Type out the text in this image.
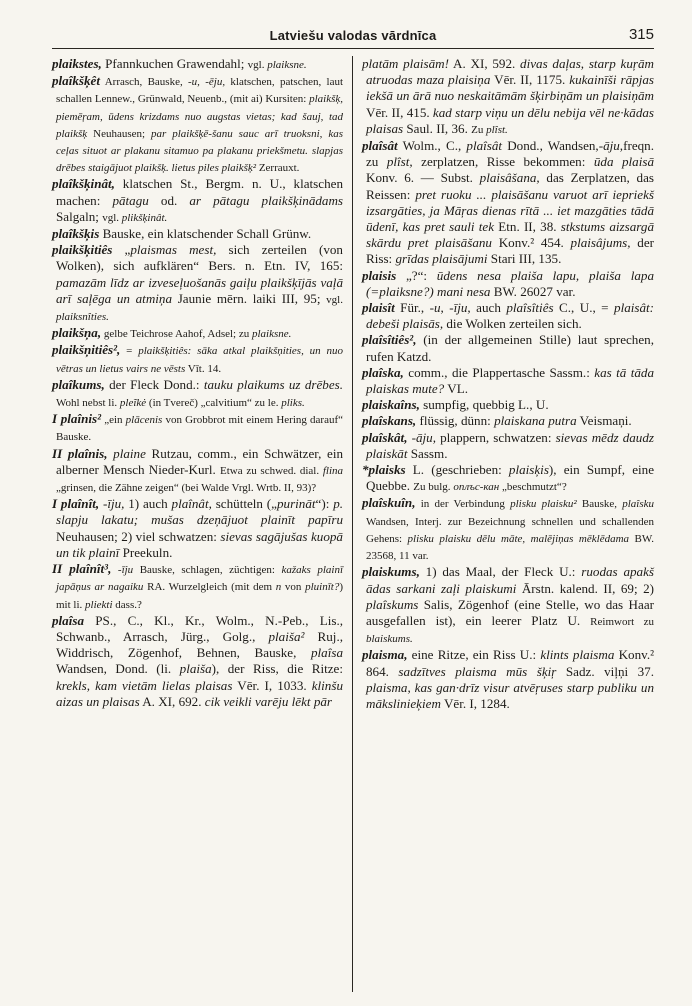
Latviešu valodas vārdnīca	315

plaikstes, Pfannkuchen Grawendahl; vgl. plaiksne.

plaîkšķêt Arrasch, Bauske, -u, -ēju, klatschen, patschen, laut schallen Lennew., Grünwald, Neuenb., (mit ai) Kursiten: plaikšķ, piemēŗam, ūdens krizdams nuo augstas vietas; kad šauj, tad plaikšķ Neuhausen; par plaikšķē-šanu sauc arī truoksni, kas ceļas situot ar plakanu sitamuo pa plakanu priekšmetu. slapjas drēbes staigājuot plaikšķ. lietus piles plaikšķ² Zerrauxt.

plaîkšķinât, klatschen St., Bergm. n. U., klatschen machen: pātagu od. ar pātagu plaikšķinādams Salgaln; vgl. plikšķinât.

plaîkšķis Bauske, ein klatschender Schall Grünw.

plaikšķitiês „plaismas mest, sich zerteilen (von Wolken), sich aufklären“ Bers. n. Etn. IV, 165: pamazām līdz ar izveseļuošanās gaiļu plaikšķījās vaļā arī saļēga un atmiņa Jaunie mērn. laiki III, 95; vgl. plaiksnîties.

plaikšņa, gelbe Teichrose Aahof, Adsel; zu plaiksne.

plaikšņitiês², = plaikšķitiês: sāka atkal plaikšņities, un nuo vētras un lietus vairs ne vēsts Vīt. 14.

plaîkums, der Fleck Dond.: tauku plaikums uz drēbes. Wohl nebst li. pleĩkė (in Tvereč) „calvitium“ zu le. pliks.

I plaînis² „ein plācenis von Grobbrot mit einem Hering darauf“ Bauske.

II plaînis, plaine Rutzau, comm., ein Schwätzer, ein alberner Mensch Nieder-Kurl. Etwa zu schwed. dial. flina „grinsen, die Zähne zeigen“ (bei Walde Vrgl. Wrtb. II, 93)?

I plaînît, -īju, 1) auch plaînât, schütteln („purināt“): p. slapju lakatu; mušas dzeņājuot plainīt papīru Neuhausen; 2) viel schwatzen: sievas sagājušas kuopā un tik plainī Preekuln.

II plaînît³, -īju Bauske, schlagen, züchtigen: kažaks plainī japāņus ar nagaiku RA. Wurzelgleich (mit dem n von pluinīt?) mit li. pliekti dass.?

plaîsa PS., C., Kl., Kr., Wolm., N.-Peb., Lis., Schwanb., Arrasch, Jürg., Golg., plaiša² Ruj., Widdrisch, Zögenhof, Behnen, Bauske, plaîsa Wandsen, Dond. (li. plaiša), der Riss, die Ritze: krekls, kam vietām lielas plaisas Vēr. I, 1033. klinšu aizas un plaisas A. XI, 692. cik veikli varēju lēkt pār

platām plaisām! A. XI, 592. divas daļas, starp kuŗām atruodas maza plaisiņa Vēr. II, 1175. kukainīši rāpjas iekšā un ārā nuo neskaitāmām šķirbiņām un plaisiņām Vēr. II, 415. kad starp viņu un dēlu nebija vēl ne·kādas plaisas Saul. II, 36. Zu plîst.

plaîsât Wolm., C., plaîsât Dond., Wandsen,-āju,freqn. zu plîst, zerplatzen, Risse bekommen: ūda plaisā Konv. 6. — Subst. plaisâšana, das Zerplatzen, das Reissen: pret ruoku ... plaisāšanu varuot arī iepriekš izsargāties, ja Māŗas dienas rītā ... iet mazgāties tādā ūdenī, kas pret sauli tek Etn. II, 38. stkstums aizsargā skārdu pret plaisāšanu Konv.² 454. plaisâjums, der Riss: grīdas plaisājumi Stari III, 135.

plaisis „?“: ūdens nesa plaiša lapu, plaiša lapa (=plaiksne?) mani nesa BW. 26027 var.

plaisît Für., -u, -īju, auch plaîsîtiês C., U., = plaisât: debeši plaisās, die Wolken zerteilen sich.

plaîsîtiês², (in der allgemeinen Stille) laut sprechen, rufen Katzd.

plaîska, comm., die Plappertasche Sassm.: kas tā tāda plaiskas mute? VL.

plaiskaîns, sumpfig, quebbig L., U.

plaîskans, flüssig, dünn: plaiskana putra Veismaņi.

plaîskât, -āju, plappern, schwatzen: sievas mēdz daudz plaiskāt Sassm.

*plaisks L. (geschrieben: plaisķis), ein Sumpf, eine Quebbe. Zu bulg. оплъс-кан „beschmutzt“?

plaîskuîn, in der Verbindung plisku plaisku² Bauske, plaîsku Wandsen, Interj. zur Bezeichnung schnellen und schallenden Gehens: plisku plaisku dēlu māte, malējiņas mēklēdama BW. 23568, 11 var.

plaiskums, 1) das Maal, der Fleck U.: ruodas apakš ādas sarkani zaļi plaiskumi Ārstn. kalend. II, 69; 2) plaîskums Salis, Zögenhof (eine Stelle, wo das Haar ausgefallen ist), ein leerer Platz U. Reimwort zu blaiskums.

plaisma, eine Ritze, ein Riss U.: klints plaisma Konv.² 864. sadzītves plaisma mūs šķiŗ Sadz. viļņi 37. plaisma, kas gan·drīz visur atvēŗuses starp publiku un mākslinieķiem Vēr. I, 1284.
